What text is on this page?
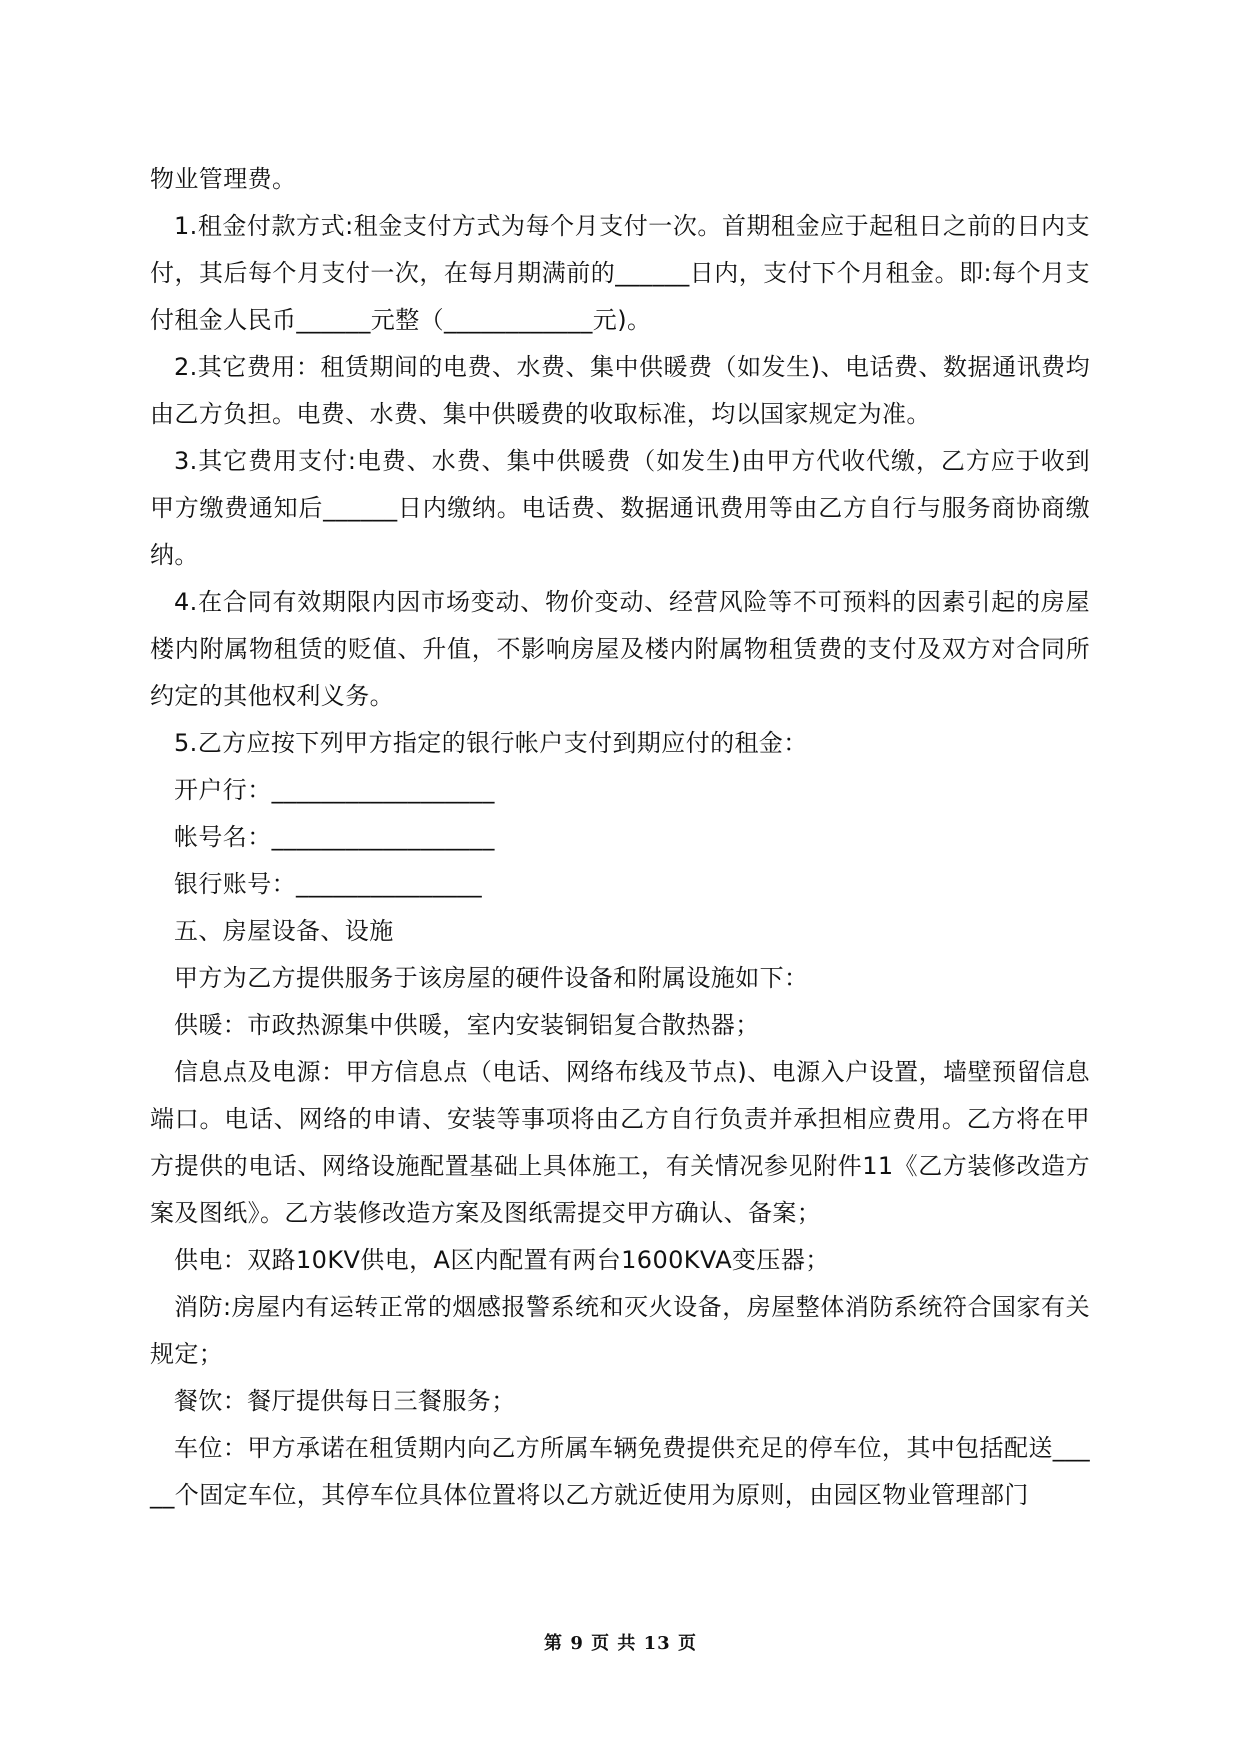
物业管理费。

1.租金付款方式:租金支付方式为每个月支付一次。首期租金应于起租日之前的日内支付，其后每个月支付一次，在每月期满前的______日内，支付下个月租金。即:每个月支付租金人民币______元整（____________元)。

2.其它费用：租赁期间的电费、水费、集中供暖费（如发生)、电话费、数据通讯费均由乙方负担。电费、水费、集中供暖费的收取标准，均以国家规定为准。

3.其它费用支付:电费、水费、集中供暖费（如发生)由甲方代收代缴，乙方应于收到甲方缴费通知后______日内缴纳。电话费、数据通讯费用等由乙方自行与服务商协商缴纳。

4.在合同有效期限内因市场变动、物价变动、经营风险等不可预料的因素引起的房屋楼内附属物租赁的贬值、升值，不影响房屋及楼内附属物租赁费的支付及双方对合同所约定的其他权利义务。

5.乙方应按下列甲方指定的银行帐户支付到期应付的租金：

开户行：__________________

帐号名：__________________

银行账号：_______________

五、房屋设备、设施

甲方为乙方提供服务于该房屋的硬件设备和附属设施如下：

供暖：市政热源集中供暖，室内安装铜铝复合散热器；

信息点及电源：甲方信息点（电话、网络布线及节点)、电源入户设置，墙壁预留信息端口。电话、网络的申请、安装等事项将由乙方自行负责并承担相应费用。乙方将在甲方提供的电话、网络设施配置基础上具体施工，有关情况参见附件11《乙方装修改造方案及图纸》。乙方装修改造方案及图纸需提交甲方确认、备案；

供电：双路10KV供电，A区内配置有两台1600KVA变压器；

消防:房屋内有运转正常的烟感报警系统和灭火设备，房屋整体消防系统符合国家有关规定；

餐饮：餐厅提供每日三餐服务；

车位：甲方承诺在租赁期内向乙方所属车辆免费提供充足的停车位，其中包括配送_____个固定车位，其停车位具体位置将以乙方就近使用为原则，由园区物业管理部门

第 9 页 共 13 页
